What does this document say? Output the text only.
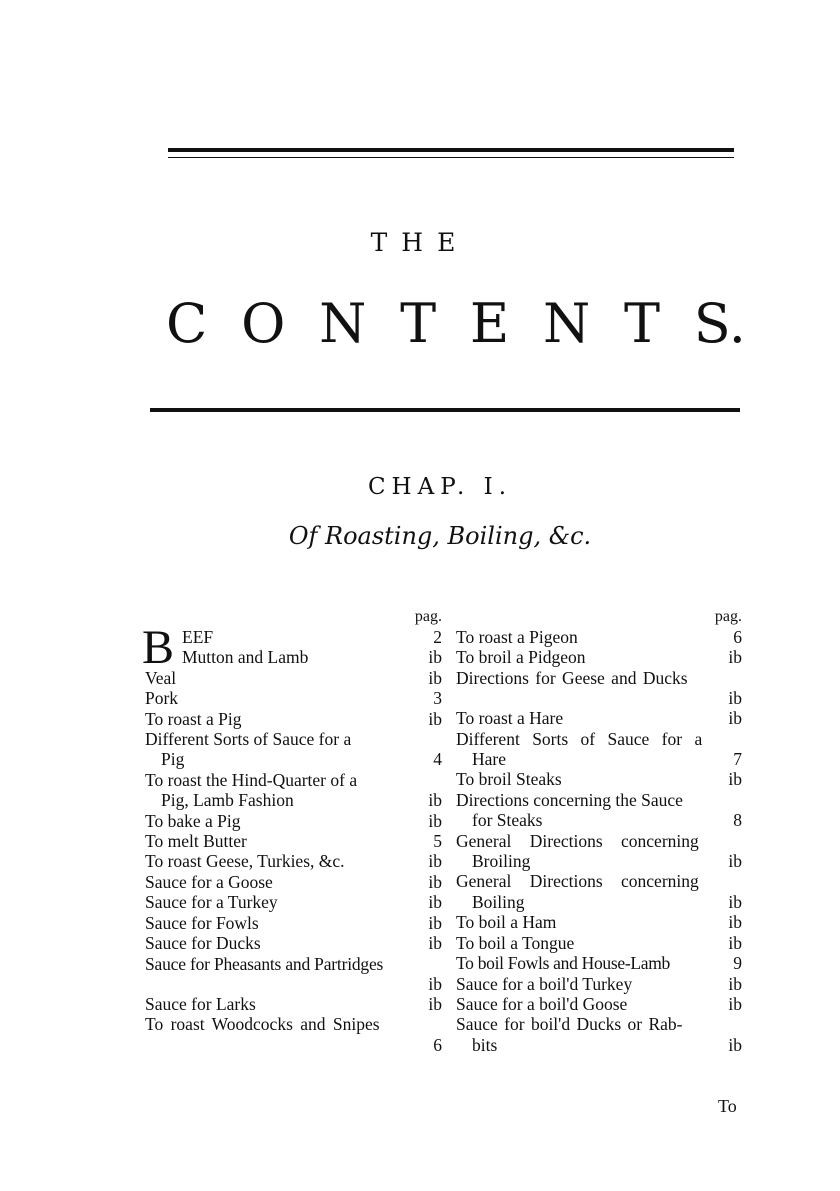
THE
C O N T E N T S.
CHAP. I.
Of Roasting, Boiling, &c.
pag.
B EEF	2
Mutton and Lamb	ib
Veal	ib
Pork	3
To roast a Pig	ib
Different Sorts of Sauce for a
Pig	4
To roast the Hind-Quarter of a
Pig, Lamb Fashion	ib
To bake a Pig	ib
To melt Butter	5
To roast Geese, Turkies, &c.	ib
Sauce for a Goose	ib
Sauce for a Turkey	ib
Sauce for Fowls	ib
Sauce for Ducks	ib
Sauce for Pheasants and Partridges
ib
Sauce for Larks	ib
To roast Woodcocks and Snipes
6
pag.
To roast a Pigeon	6
To broil a Pidgeon	ib
Directions for Geese and Ducks
ib
To roast a Hare	ib
Different Sorts of Sauce for a
Hare	7
To broil Steaks	ib
Directions concerning the Sauce
for Steaks	8
General Directions concerning
Broiling	ib
General Directions concerning
Boiling	ib
To boil a Ham	ib
To boil a Tongue	ib
To boil Fowls and House-Lamb	9
Sauce for a boil'd Turkey	ib
Sauce for a boil'd Goose	ib
Sauce for boil'd Ducks or Rab-
bits	ib
To
